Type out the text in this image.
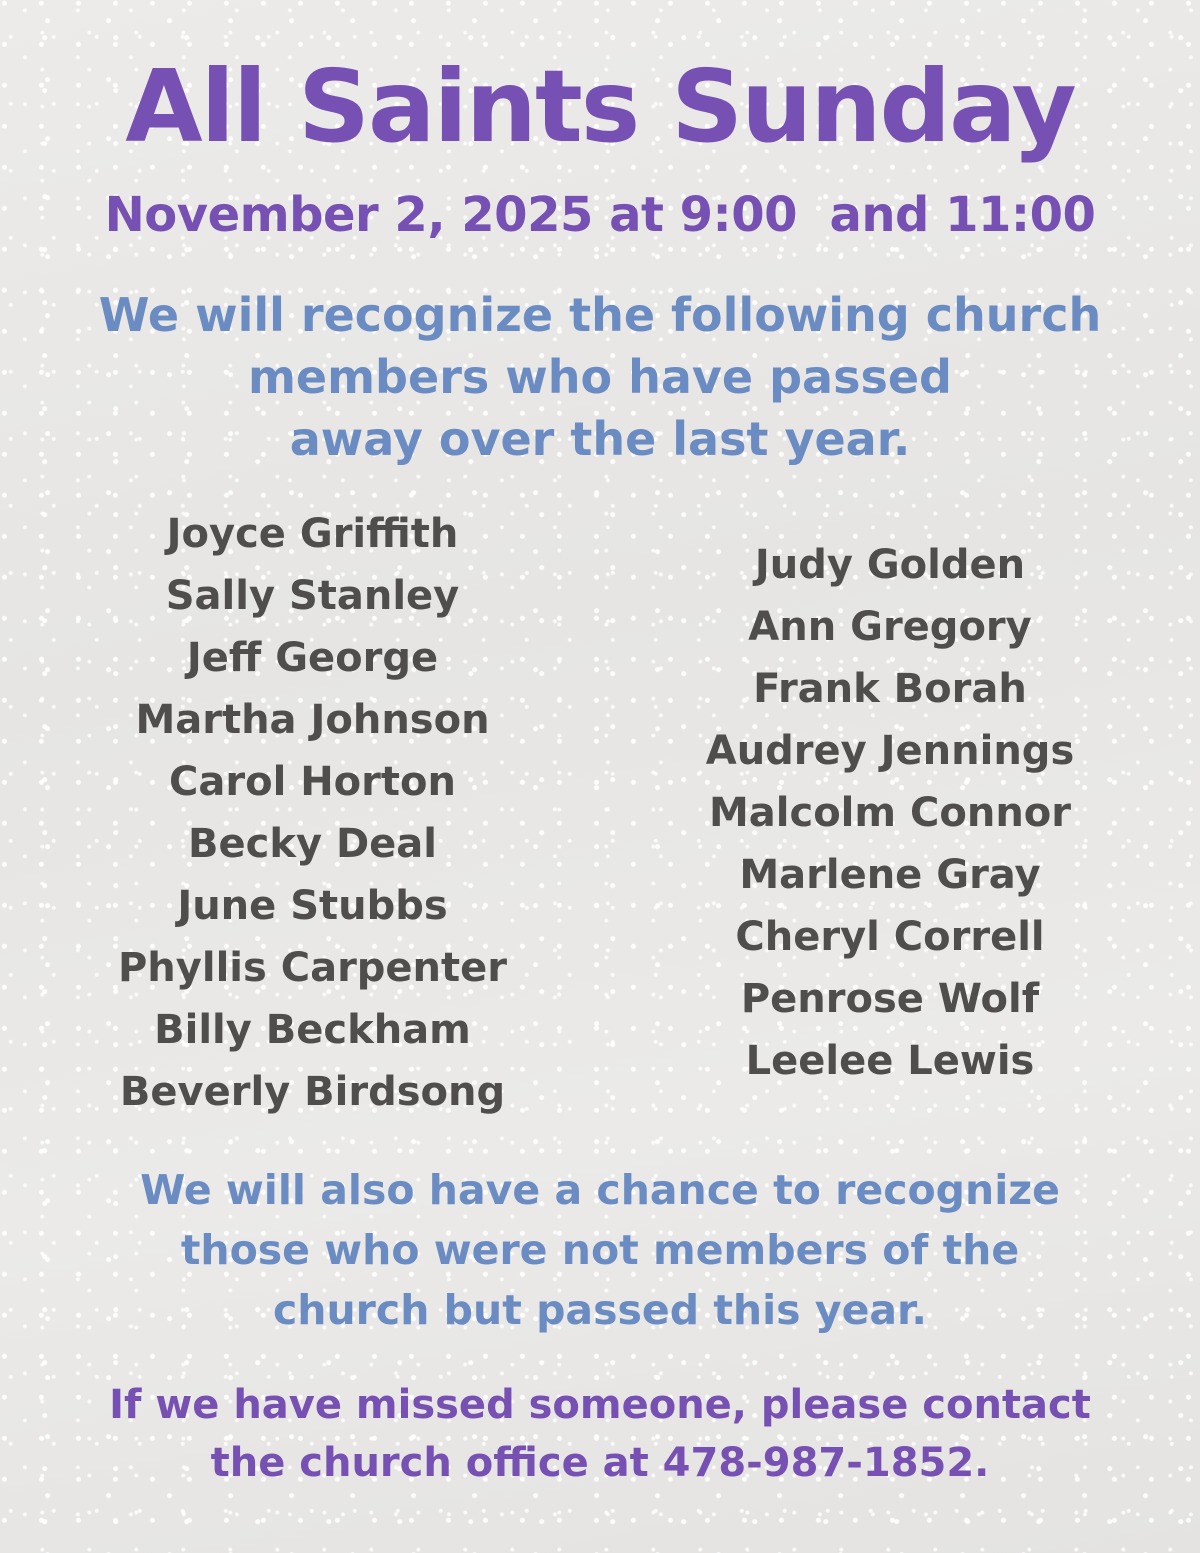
All Saints Sunday
November 2, 2025 at 9:00  and 11:00
We will recognize the following church
members who have passed
away over the last year.
Joyce Griffith
Sally Stanley
Jeff George
Martha Johnson
Carol Horton
Becky Deal
June Stubbs
Phyllis Carpenter
Billy Beckham
Beverly Birdsong
Judy Golden
Ann Gregory
Frank Borah
Audrey Jennings
Malcolm Connor
Marlene Gray
Cheryl Correll
Penrose Wolf
Leelee Lewis
We will also have a chance to recognize
those who were not members of the
church but passed this year.
If we have missed someone, please contact
the church office at 478-987-1852.
